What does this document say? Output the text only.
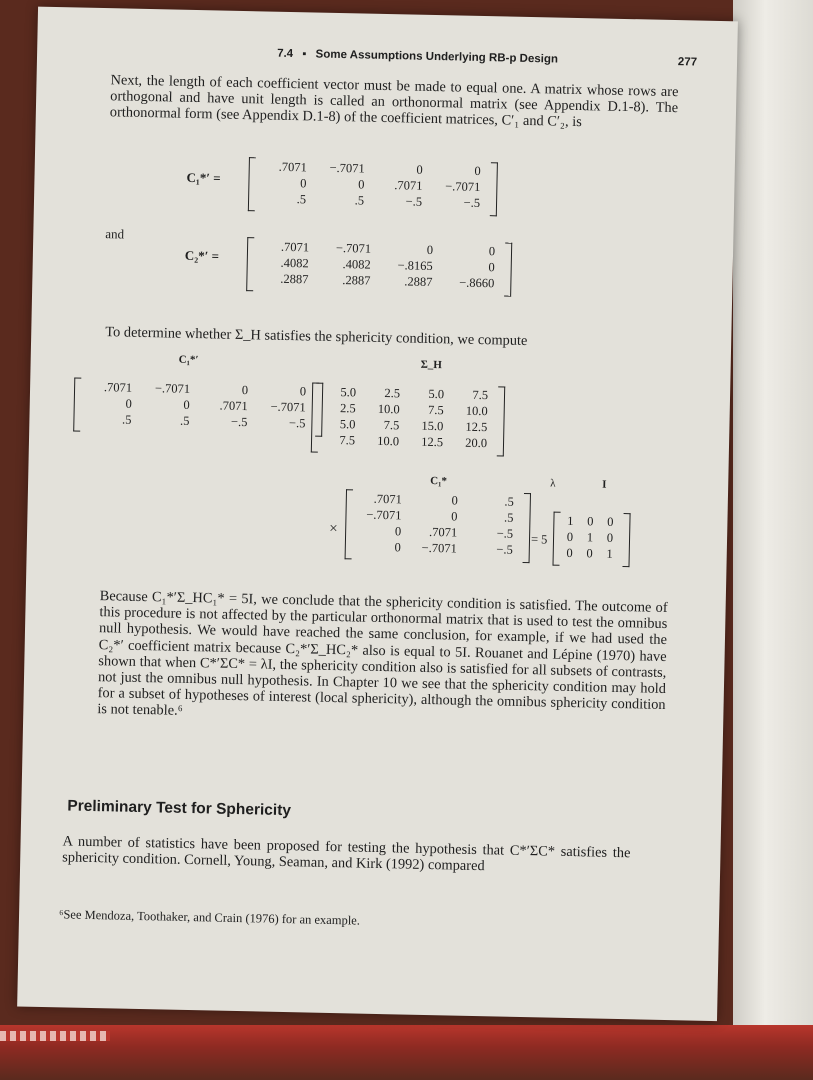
7.4 ▪ Some Assumptions Underlying RB-p Design	277

Next, the length of each coefficient vector must be made to equal one. A matrix whose rows are orthogonal and have unit length is called an orthonormal matrix (see Appendix D.1-8). The orthonormal form (see Appendix D.1-8) of the coefficient matrices, C′₁ and C′₂, is

C₁*′ =
.7071	−.7071	0	0
0	0	.7071	−.7071
.5	.5	−.5	−.5
and
C₂*′ =
.7071	−.7071	0	0
.4082	.4082	−.8165	0
.2887	.2887	.2887	−.8660

To determine whether Σ_H satisfies the sphericity condition, we compute

C₁*′	Σ_H
.7071	−.7071	0	0
0	0	.7071	−.7071
.5	.5	−.5	−.5
5.0	2.5	5.0	7.5
2.5	10.0	7.5	10.0
5.0	7.5	15.0	12.5
7.5	10.0	12.5	20.0
C₁*	λ	I
×
.7071	0	.5
−.7071	0	.5
0	.7071	−.5
0	−.7071	−.5
= 5
1	0	0
0	1	0
0	0	1

Because C₁*′Σ_HC₁* = 5I, we conclude that the sphericity condition is satisfied. The outcome of this procedure is not affected by the particular orthonormal matrix that is used to test the omnibus null hypothesis. We would have reached the same conclusion, for example, if we had used the C₂*′ coefficient matrix because C₂*′Σ_HC₂* also is equal to 5I. Rouanet and Lépine (1970) have shown that when C*′ΣC* = λI, the sphericity condition also is satisfied for all subsets of contrasts, not just the omnibus null hypothesis. In Chapter 10 we see that the sphericity condition may hold for a subset of hypotheses of interest (local sphericity), although the omnibus sphericity condition is not tenable.⁶

Preliminary Test for Sphericity

A number of statistics have been proposed for testing the hypothesis that C*′ΣC* satisfies the sphericity condition. Cornell, Young, Seaman, and Kirk (1992) compared

⁶See Mendoza, Toothaker, and Crain (1976) for an example.
